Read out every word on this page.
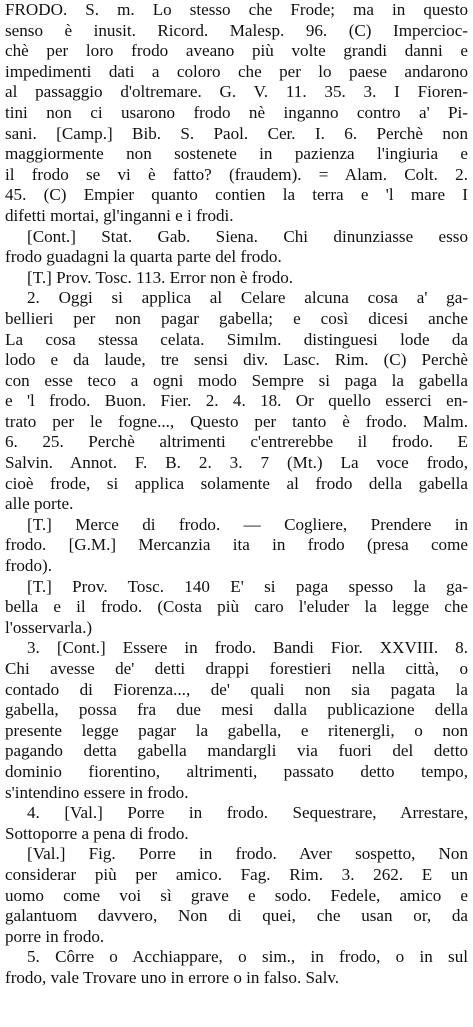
FRODO. S. m. Lo stesso che Frode; ma in questo
senso è inusit. Ricord. Malesp. 96. (C) Impercioc-
chè per loro frodo aveano più volte grandi danni e
impedimenti dati a coloro che per lo paese andarono
al passaggio d'oltremare. G. V. 11. 35. 3. I Fioren-
tini non ci usarono frodo nè inganno contro a' Pi-
sani. [Camp.] Bib. S. Paol. Cer. I. 6. Perchè non
maggiormente non sostenete in pazienza l'ingiuria e
il frodo se vi è fatto? (fraudem). = Alam. Colt. 2.
45. (C) Empier quanto contien la terra e 'l mare I
difetti mortai, gl'inganni e i frodi.
[Cont.] Stat. Gab. Siena. Chi dinunziasse esso
frodo guadagni la quarta parte del frodo.
[T.] Prov. Tosc. 113. Error non è frodo.
2. Oggi si applica al Celare alcuna cosa a' ga-
bellieri per non pagar gabella; e così dicesi anche
La cosa stessa celata. Simılm. distinguesi lode da
lodo e da laude, tre sensi div. Lasc. Rim. (C) Perchè
con esse teco a ogni modo Sempre si paga la gabella
e 'l frodo. Buon. Fier. 2. 4. 18. Or quello esserci en-
trato per le fogne..., Questo per tanto è frodo. Malm.
6. 25. Perchè altrimenti c'entrerebbe il frodo. E
Salvin. Annot. F. B. 2. 3. 7 (Mt.) La voce frodo,
cioè frode, si applica solamente al frodo della gabella
alle porte.
[T.] Merce di frodo. — Cogliere, Prendere in
frodo. [G.M.] Mercanzia ita in frodo (presa come
frodo).
[T.] Prov. Tosc. 140 E' si paga spesso la ga-
bella e il frodo. (Costa più caro l'eluder la legge che
l'osservarla.)
3. [Cont.] Essere in frodo. Bandi Fior. XXVIII. 8.
Chi avesse de' detti drappi forestieri nella città, o
contado di Fiorenza..., de' quali non sia pagata la
gabella, possa fra due mesi dalla publicazione della
presente legge pagar la gabella, e ritenergli, o non
pagando detta gabella mandargli via fuori del detto
dominio fiorentino, altrimenti, passato detto tempo,
s'intendino essere in frodo.
4. [Val.] Porre in frodo. Sequestrare, Arrestare,
Sottoporre a pena di frodo.
[Val.] Fig. Porre in frodo. Aver sospetto, Non
considerar più per amico. Fag. Rim. 3. 262. E un
uomo come voi sì grave e sodo. Fedele, amico e
galantuom davvero, Non di quei, che usan or, da
porre in frodo.
5. Côrre o Acchiappare, o sim., in frodo, o in sul
frodo, vale Trovare uno in errore o in falso. Salv.
